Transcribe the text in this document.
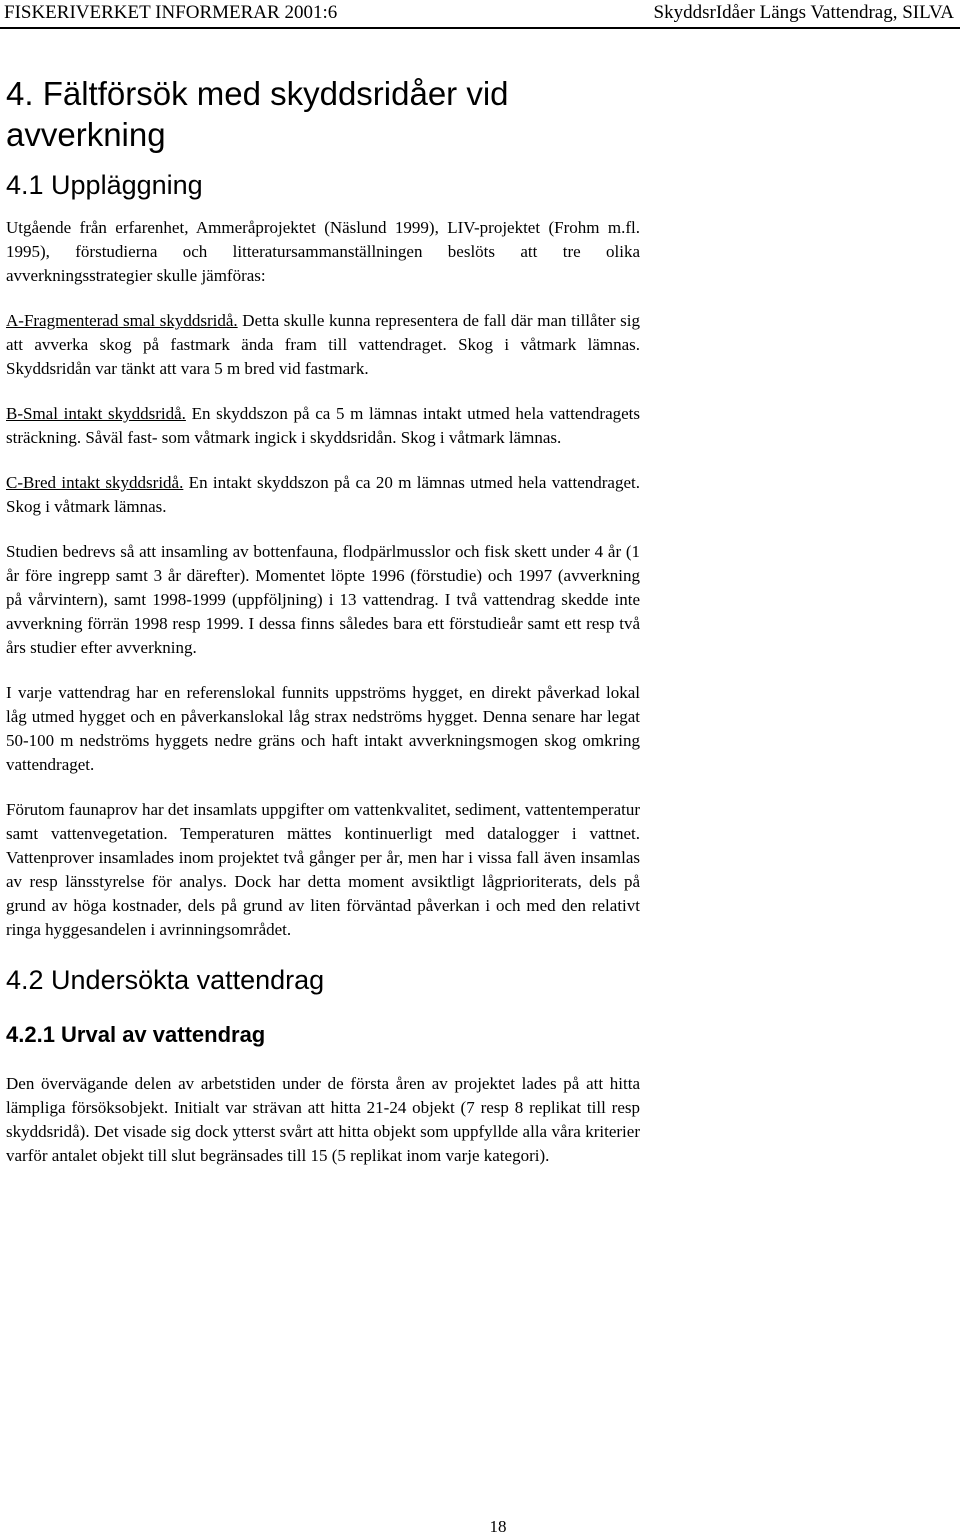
FISKERIVERKET INFORMERAR 2001:6	SkyddsrIdåer Längs Vattendrag, SILVA
4. Fältförsök med skyddsridåer vid avverkning
4.1 Uppläggning

Utgående från erfarenhet, Ammeråprojektet (Näslund 1999), LIV-projektet (Frohm m.fl. 1995), förstudierna och litteratursammanställningen beslöts att tre olika avverkningsstrategier skulle jämföras:

A-Fragmenterad smal skyddsridå. Detta skulle kunna representera de fall där man tillåter sig att avverka skog på fastmark ända fram till vattendraget. Skog i våtmark lämnas. Skyddsridån var tänkt att vara 5 m bred vid fastmark.

B-Smal intakt skyddsridå. En skyddszon på ca 5 m lämnas intakt utmed hela vattendragets sträckning. Såväl fast- som våtmark ingick i skyddsridån. Skog i våtmark lämnas.

C-Bred intakt skyddsridå. En intakt skyddszon på ca 20 m lämnas utmed hela vattendraget. Skog i våtmark lämnas.

Studien bedrevs så att insamling av bottenfauna, flodpärlmusslor och fisk skett under 4 år (1 år före ingrepp samt 3 år därefter). Momentet löpte 1996 (förstudie) och 1997 (avverkning på vårvintern), samt 1998-1999 (uppföljning) i 13 vattendrag. I två vattendrag skedde inte avverkning förrän 1998 resp 1999. I dessa finns således bara ett förstudieår samt ett resp två års studier efter avverkning.

I varje vattendrag har en referenslokal funnits uppströms hygget, en direkt påverkad lokal låg utmed hygget och en påverkanslokal låg strax nedströms hygget. Denna senare har legat 50-100 m nedströms hyggets nedre gräns och haft intakt avverkningsmogen skog omkring vattendraget.

Förutom faunaprov har det insamlats uppgifter om vattenkvalitet, sediment, vattentemperatur samt vattenvegetation. Temperaturen mättes kontinuerligt med datalogger i vattnet. Vattenprover insamlades inom projektet två gånger per år, men har i vissa fall även insamlas av resp länsstyrelse för analys. Dock har detta moment avsiktligt lågprioriterats, dels på grund av höga kostnader, dels på grund av liten förväntad påverkan i och med den relativt ringa hyggesandelen i avrinningsområdet.

4.2 Undersökta vattendrag
4.2.1 Urval av vattendrag

Den övervägande delen av arbetstiden under de första åren av projektet lades på att hitta lämpliga försöksobjekt. Initialt var strävan att hitta 21-24 objekt (7 resp 8 replikat till resp skyddsridå). Det visade sig dock ytterst svårt att hitta objekt som uppfyllde alla våra kriterier varför antalet objekt till slut begränsades till 15 (5 replikat inom varje kategori).

18
